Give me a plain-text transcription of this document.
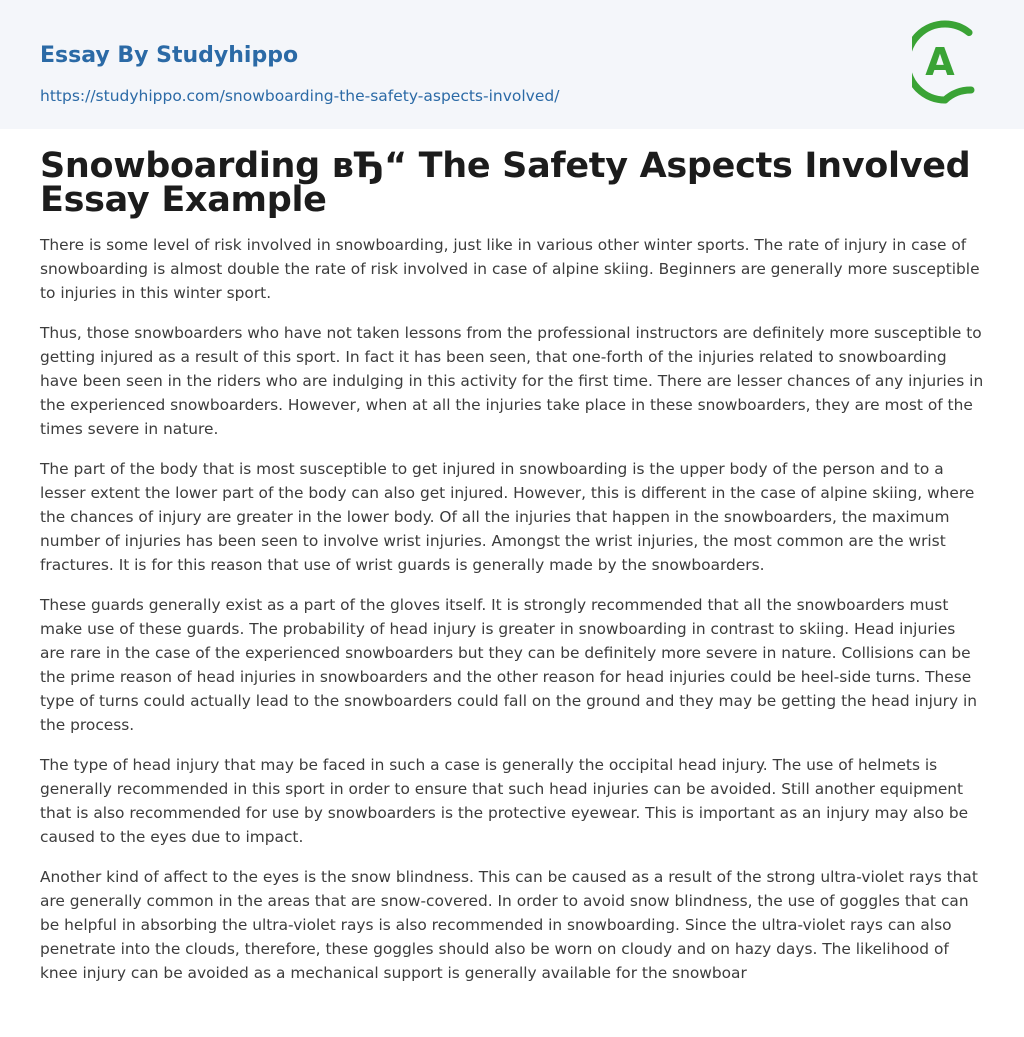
Essay By Studyhippo

https://studyhippo.com/snowboarding-the-safety-aspects-involved/
A
Snowboarding вЂ“ The Safety Aspects Involved Essay Example

There is some level of risk involved in snowboarding, just like in various other winter sports. The rate of injury in case of snowboarding is almost double the rate of risk involved in case of alpine skiing. Beginners are generally more susceptible to injuries in this winter sport.

Thus, those snowboarders who have not taken lessons from the professional instructors are definitely more susceptible to getting injured as a result of this sport. In fact it has been seen, that one-forth of the injuries related to snowboarding have been seen in the riders who are indulging in this activity for the first time. There are lesser chances of any injuries in the experienced snowboarders. However, when at all the injuries take place in these snowboarders, they are most of the times severe in nature.

The part of the body that is most susceptible to get injured in snowboarding is the upper body of the person and to a lesser extent the lower part of the body can also get injured. However, this is different in the case of alpine skiing, where the chances of injury are greater in the lower body. Of all the injuries that happen in the snowboarders, the maximum number of injuries has been seen to involve wrist injuries. Amongst the wrist injuries, the most common are the wrist fractures. It is for this reason that use of wrist guards is generally made by the snowboarders.

These guards generally exist as a part of the gloves itself. It is strongly recommended that all the snowboarders must make use of these guards. The probability of head injury is greater in snowboarding in contrast to skiing. Head injuries are rare in the case of the experienced snowboarders but they can be definitely more severe in nature. Collisions can be the prime reason of head injuries in snowboarders and the other reason for head injuries could be heel-side turns. These type of turns could actually lead to the snowboarders could fall on the ground and they may be getting the head injury in the process.

The type of head injury that may be faced in such a case is generally the occipital head injury. The use of helmets is generally recommended in this sport in order to ensure that such head injuries can be avoided. Still another equipment that is also recommended for use by snowboarders is the protective eyewear. This is important as an injury may also be caused to the eyes due to impact.

Another kind of affect to the eyes is the snow blindness. This can be caused as a result of the strong ultra-violet rays that are generally common in the areas that are snow-covered. In order to avoid snow blindness, the use of goggles that can be helpful in absorbing the ultra-violet rays is also recommended in snowboarding. Since the ultra-violet rays can also penetrate into the clouds, therefore, these goggles should also be worn on cloudy and on hazy days. The likelihood of knee injury can be avoided as a mechanical support is generally available for the snowboar
